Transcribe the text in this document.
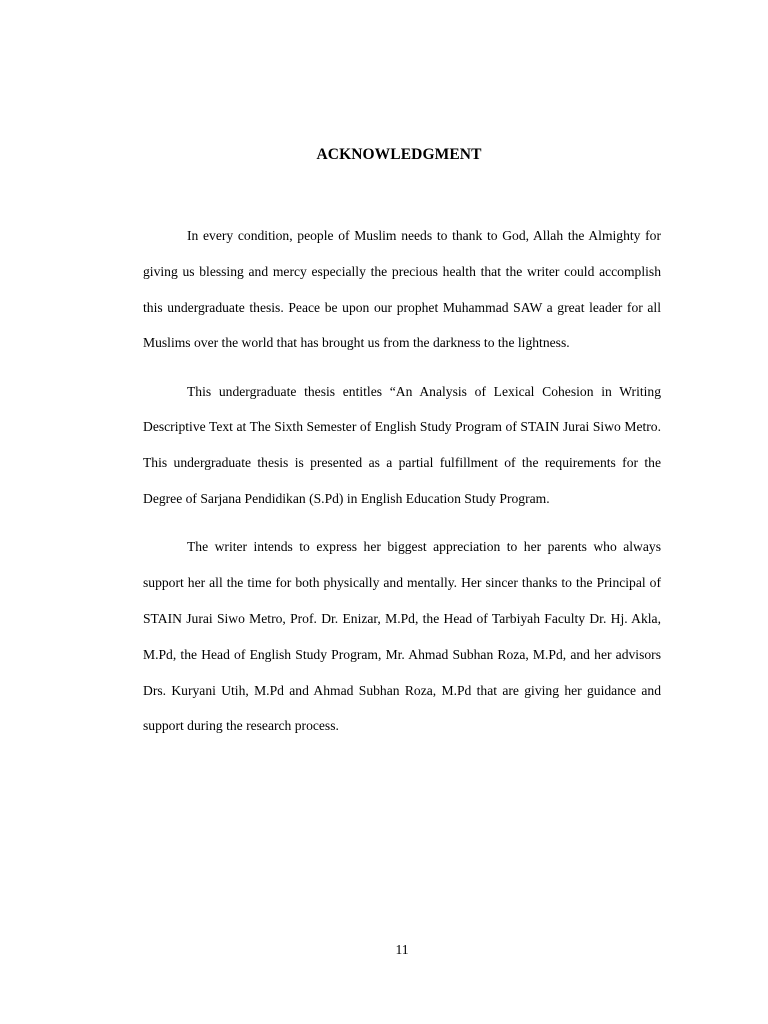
ACKNOWLEDGMENT

In every condition, people of Muslim needs to thank to God, Allah the Almighty for giving us blessing and mercy especially the precious health that the writer could accomplish this undergraduate thesis. Peace be upon our prophet Muhammad SAW a great leader for all Muslims over the world that has brought us from the darkness to the lightness.

This undergraduate thesis entitles “An Analysis of Lexical Cohesion in Writing Descriptive Text at The Sixth Semester of English Study Program of STAIN Jurai Siwo Metro. This undergraduate thesis is presented as a partial fulfillment of the requirements for the Degree of Sarjana Pendidikan (S.Pd) in English Education Study Program.

The writer intends to express her biggest appreciation to her parents who always support her all the time for both physically and mentally. Her sincer thanks to the Principal of STAIN Jurai Siwo Metro, Prof. Dr. Enizar, M.Pd, the Head of Tarbiyah Faculty Dr. Hj. Akla, M.Pd, the Head of English Study Program, Mr. Ahmad Subhan Roza, M.Pd, and her advisors Drs. Kuryani Utih, M.Pd and Ahmad Subhan Roza, M.Pd that are giving her guidance and support during the research process.

11
